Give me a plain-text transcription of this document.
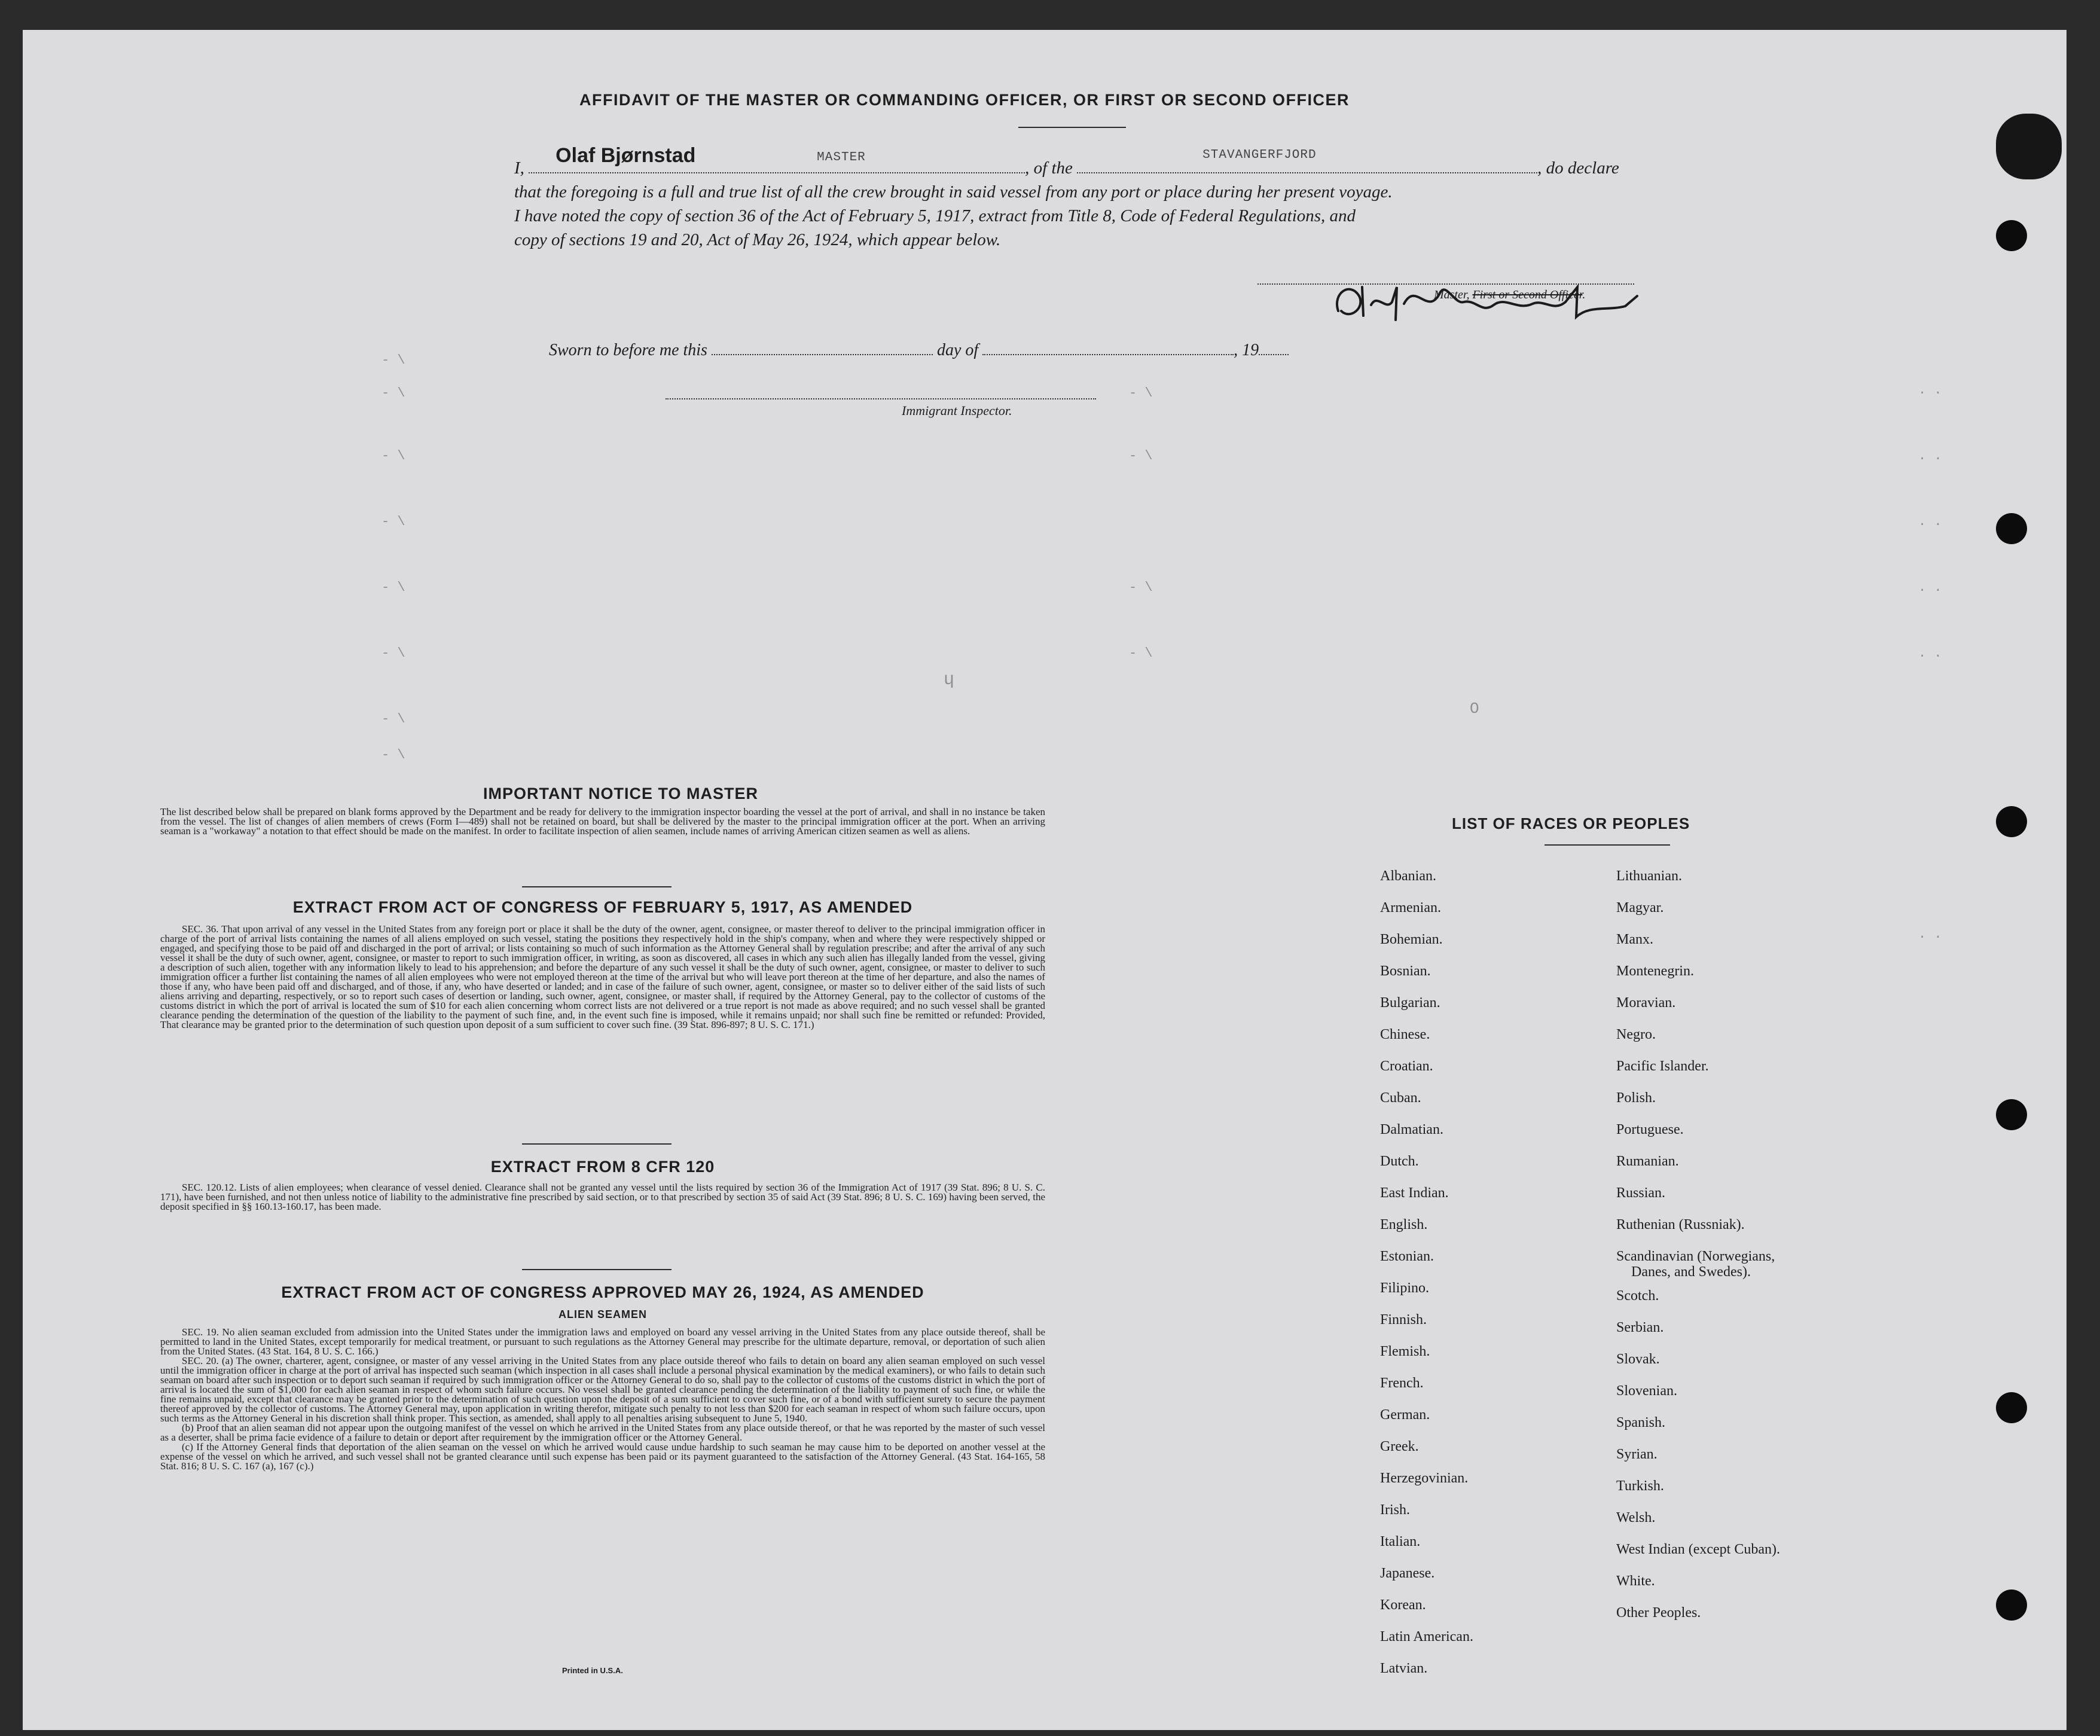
AFFIDAVIT OF THE MASTER OR COMMANDING OFFICER, OR FIRST OR SECOND OFFICER
I,
Olaf Bjørnstad	MASTER
, of the
STAVANGERFJORD
, do declare
that the foregoing is a full and true list of all the crew brought in said vessel from any port or place during her present voyage.
I have noted the copy of section 36 of the Act of February 5, 1917, extract from Title 8, Code of Federal Regulations, and
copy of sections 19 and 20, Act of May 26, 1924, which appear below.
Master, First or Second Officer.
Sworn to before me this	day of	, 19
Immigrant Inspector.
- \
- \
- \
- \
- \
- \
- \
- \
- \
- \
- \
- \
ɥ
O
. .
. .
. .
. .
. .
. .
IMPORTANT NOTICE TO MASTER
The list described below shall be prepared on blank forms approved by the Department and be ready for delivery to the immigration inspector boarding the vessel at the port of arrival, and shall in no instance be taken from the vessel. The list of changes of alien members of crews (Form I—489) shall not be retained on board, but shall be delivered by the master to the principal immigration officer at the port. When an arriving seaman is a "workaway" a notation to that effect should be made on the manifest. In order to facilitate inspection of alien seamen, include names of arriving American citizen seamen as well as aliens.
EXTRACT FROM ACT OF CONGRESS OF FEBRUARY 5, 1917, AS AMENDED
SEC. 36. That upon arrival of any vessel in the United States from any foreign port or place it shall be the duty of the owner, agent, consignee, or master thereof to deliver to the principal immigration officer in charge of the port of arrival lists containing the names of all aliens employed on such vessel, stating the positions they respectively hold in the ship's company, when and where they were respectively shipped or engaged, and specifying those to be paid off and discharged in the port of arrival; or lists containing so much of such information as the Attorney General shall by regulation prescribe; and after the arrival of any such vessel it shall be the duty of such owner, agent, consignee, or master to report to such immigration officer, in writing, as soon as discovered, all cases in which any such alien has illegally landed from the vessel, giving a description of such alien, together with any information likely to lead to his apprehension; and before the departure of any such vessel it shall be the duty of such owner, agent, consignee, or master to deliver to such immigration officer a further list containing the names of all alien employees who were not employed thereon at the time of the arrival but who will leave port thereon at the time of her departure, and also the names of those if any, who have been paid off and discharged, and of those, if any, who have deserted or landed; and in case of the failure of such owner, agent, consignee, or master so to deliver either of the said lists of such aliens arriving and departing, respectively, or so to report such cases of desertion or landing, such owner, agent, consignee, or master shall, if required by the Attorney General, pay to the collector of customs of the customs district in which the port of arrival is located the sum of $10 for each alien concerning whom correct lists are not delivered or a true report is not made as above required; and no such vessel shall be granted clearance pending the determination of the question of the liability to the payment of such fine, and, in the event such fine is imposed, while it remains unpaid; nor shall such fine be remitted or refunded: Provided, That clearance may be granted prior to the determination of such question upon deposit of a sum sufficient to cover such fine. (39 Stat. 896-897; 8 U. S. C. 171.)
EXTRACT FROM 8 CFR 120
SEC. 120.12. Lists of alien employees; when clearance of vessel denied. Clearance shall not be granted any vessel until the lists required by section 36 of the Immigration Act of 1917 (39 Stat. 896; 8 U. S. C. 171), have been furnished, and not then unless notice of liability to the administrative fine prescribed by said section, or to that prescribed by section 35 of said Act (39 Stat. 896; 8 U. S. C. 169) having been served, the deposit specified in §§ 160.13-160.17, has been made.
EXTRACT FROM ACT OF CONGRESS APPROVED MAY 26, 1924, AS AMENDED
ALIEN SEAMEN
SEC. 19. No alien seaman excluded from admission into the United States under the immigration laws and employed on board any vessel arriving in the United States from any place outside thereof, shall be permitted to land in the United States, except temporarily for medical treatment, or pursuant to such regulations as the Attorney General may prescribe for the ultimate departure, removal, or deportation of such alien from the United States. (43 Stat. 164, 8 U. S. C. 166.)
SEC. 20. (a) The owner, charterer, agent, consignee, or master of any vessel arriving in the United States from any place outside thereof who fails to detain on board any alien seaman employed on such vessel until the immigration officer in charge at the port of arrival has inspected such seaman (which inspection in all cases shall include a personal physical examination by the medical examiners), or who fails to detain such seaman on board after such inspection or to deport such seaman if required by such immigration officer or the Attorney General to do so, shall pay to the collector of customs of the customs district in which the port of arrival is located the sum of $1,000 for each alien seaman in respect of whom such failure occurs. No vessel shall be granted clearance pending the determination of the liability to payment of such fine, or while the fine remains unpaid, except that clearance may be granted prior to the determination of such question upon the deposit of a sum sufficient to cover such fine, or of a bond with sufficient surety to secure the payment thereof approved by the collector of customs. The Attorney General may, upon application in writing therefor, mitigate such penalty to not less than $200 for each seaman in respect of whom such failure occurs, upon such terms as the Attorney General in his discretion shall think proper. This section, as amended, shall apply to all penalties arising subsequent to June 5, 1940.
(b) Proof that an alien seaman did not appear upon the outgoing manifest of the vessel on which he arrived in the United States from any place outside thereof, or that he was reported by the master of such vessel as a deserter, shall be prima facie evidence of a failure to detain or deport after requirement by the immigration officer or the Attorney General.
(c) If the Attorney General finds that deportation of the alien seaman on the vessel on which he arrived would cause undue hardship to such seaman he may cause him to be deported on another vessel at the expense of the vessel on which he arrived, and such vessel shall not be granted clearance until such expense has been paid or its payment guaranteed to the satisfaction of the Attorney General. (43 Stat. 164-165, 58 Stat. 816; 8 U. S. C. 167 (a), 167 (c).)
Printed in U.S.A.
LIST OF RACES OR PEOPLES
Albanian.
Armenian.
Bohemian.
Bosnian.
Bulgarian.
Chinese.
Croatian.
Cuban.
Dalmatian.
Dutch.
East Indian.
English.
Estonian.
Filipino.
Finnish.
Flemish.
French.
German.
Greek.
Herzegovinian.
Irish.
Italian.
Japanese.
Korean.
Latin American.
Latvian.
Lithuanian.
Magyar.
Manx.
Montenegrin.
Moravian.
Negro.
Pacific Islander.
Polish.
Portuguese.
Rumanian.
Russian.
Ruthenian (Russniak).
Scandinavian (Norwegians,
Danes, and Swedes).
Scotch.
Serbian.
Slovak.
Slovenian.
Spanish.
Syrian.
Turkish.
Welsh.
West Indian (except Cuban).
White.
Other Peoples.
